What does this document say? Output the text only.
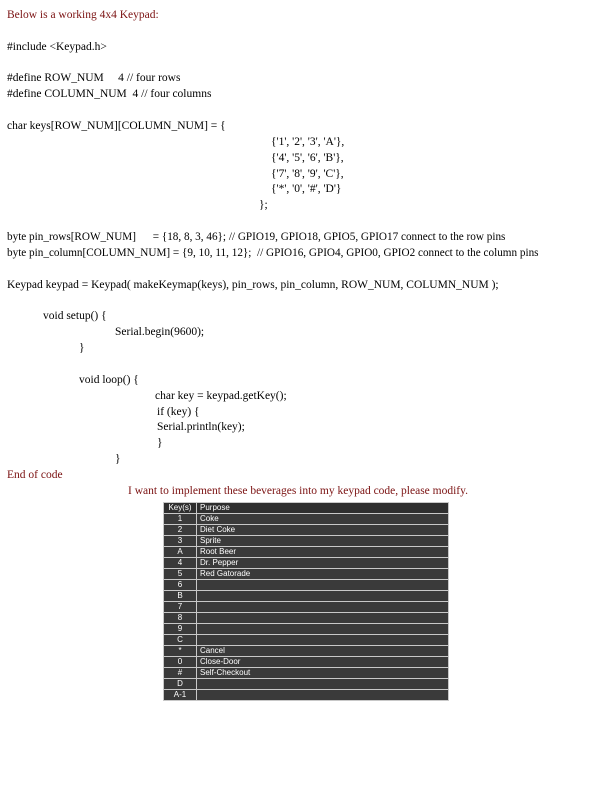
Below is a working 4x4 Keypad:
#include <Keypad.h>
#define ROW_NUM     4 // four rows
#define COLUMN_NUM  4 // four columns
char keys[ROW_NUM][COLUMN_NUM] = {
{'1', '2', '3', 'A'},
{'4', '5', '6', 'B'},
{'7', '8', '9', 'C'},
{'*', '0', '#', 'D'}
};
byte pin_rows[ROW_NUM]      = {18, 8, 3, 46}; // GPIO19, GPIO18, GPIO5, GPIO17 connect to the row pins
byte pin_column[COLUMN_NUM] = {9, 10, 11, 12};  // GPIO16, GPIO4, GPIO0, GPIO2 connect to the column pins
Keypad keypad = Keypad( makeKeymap(keys), pin_rows, pin_column, ROW_NUM, COLUMN_NUM );
void setup() {
Serial.begin(9600);
}
void loop() {
char key = keypad.getKey();
if (key) {
Serial.println(key);
}
}
End of code
I want to implement these beverages into my keypad code, please modify.
Key(s)	Purpose
1	Coke
2	Diet Coke
3	Sprite
A	Root Beer
4	Dr. Pepper
5	Red Gatorade
6	
B	
7	
8	
9	
C	
*	Cancel
0	Close-Door
#	Self-Checkout
D	
A-1	
